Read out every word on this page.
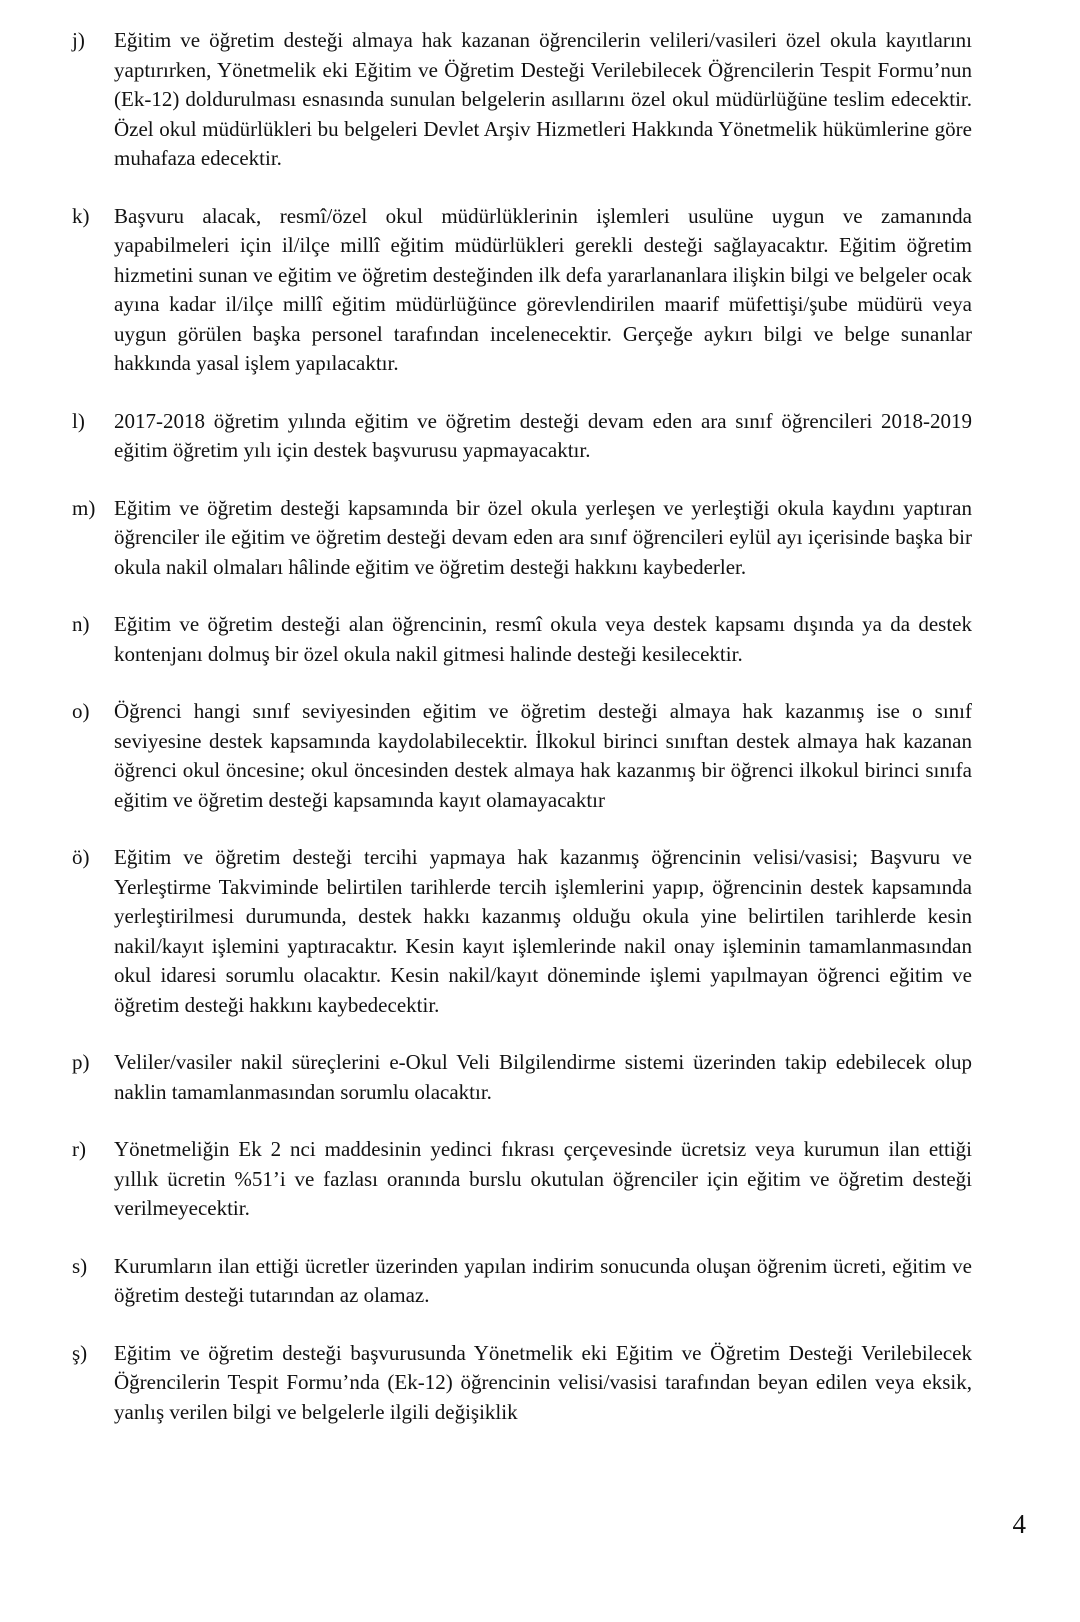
j)	Eğitim ve öğretim desteği almaya hak kazanan öğrencilerin velileri/vasileri özel okula kayıtlarını yaptırırken, Yönetmelik eki Eğitim ve Öğretim Desteği Verilebilecek Öğrencilerin Tespit Formu’nun (Ek-12) doldurulması esnasında sunulan belgelerin asıllarını özel okul müdürlüğüne teslim edecektir. Özel okul müdürlükleri bu belgeleri Devlet Arşiv Hizmetleri Hakkında Yönetmelik hükümlerine göre muhafaza edecektir.
k)	Başvuru alacak, resmî/özel okul müdürlüklerinin işlemleri usulüne uygun ve zamanında yapabilmeleri için il/ilçe millî eğitim müdürlükleri gerekli desteği sağlayacaktır. Eğitim öğretim hizmetini sunan ve eğitim ve öğretim desteğinden ilk defa yararlananlara ilişkin bilgi ve belgeler ocak ayına kadar il/ilçe millî eğitim müdürlüğünce görevlendirilen maarif müfettişi/şube müdürü veya uygun görülen başka personel tarafından incelenecektir. Gerçeğe aykırı bilgi ve belge sunanlar hakkında yasal işlem yapılacaktır.
l)	2017-2018 öğretim yılında eğitim ve öğretim desteği devam eden ara sınıf öğrencileri 2018-2019 eğitim öğretim yılı için destek başvurusu yapmayacaktır.
m) Eğitim ve öğretim desteği kapsamında bir özel okula yerleşen ve yerleştiği okula kaydını yaptıran öğrenciler ile eğitim ve öğretim desteği devam eden ara sınıf öğrencileri eylül ayı içerisinde başka bir okula nakil olmaları hâlinde eğitim ve öğretim desteği hakkını kaybederler.
n)	Eğitim ve öğretim desteği alan öğrencinin, resmî okula veya destek kapsamı dışında ya da destek kontenjanı dolmuş bir özel okula nakil gitmesi halinde desteği kesilecektir.
o)	Öğrenci hangi sınıf seviyesinden eğitim ve öğretim desteği almaya hak kazanmış ise o sınıf seviyesine destek kapsamında kaydolabilecektir. İlkokul birinci sınıftan destek almaya hak kazanan öğrenci okul öncesine; okul öncesinden destek almaya hak kazanmış bir öğrenci ilkokul birinci sınıfa eğitim ve öğretim desteği kapsamında kayıt olamayacaktır
ö)	Eğitim ve öğretim desteği tercihi yapmaya hak kazanmış öğrencinin velisi/vasisi; Başvuru ve Yerleştirme Takviminde belirtilen tarihlerde tercih işlemlerini yapıp, öğrencinin destek kapsamında yerleştirilmesi durumunda, destek hakkı kazanmış olduğu okula yine belirtilen tarihlerde kesin nakil/kayıt işlemini yaptıracaktır. Kesin kayıt işlemlerinde nakil onay işleminin tamamlanmasından okul idaresi sorumlu olacaktır. Kesin nakil/kayıt döneminde işlemi yapılmayan öğrenci eğitim ve öğretim desteği hakkını kaybedecektir.
p)	Veliler/vasiler nakil süreçlerini e-Okul Veli Bilgilendirme sistemi üzerinden takip edebilecek olup naklin tamamlanmasından sorumlu olacaktır.
r)	Yönetmeliğin Ek 2 nci maddesinin yedinci fıkrası çerçevesinde ücretsiz veya kurumun ilan ettiği yıllık ücretin %51’i ve fazlası oranında burslu okutulan öğrenciler için eğitim ve öğretim desteği verilmeyecektir.
s)	Kurumların ilan ettiği ücretler üzerinden yapılan indirim sonucunda oluşan öğrenim ücreti, eğitim ve öğretim desteği tutarından az olamaz.
ş)	Eğitim ve öğretim desteği başvurusunda Yönetmelik eki Eğitim ve Öğretim Desteği Verilebilecek Öğrencilerin Tespit Formu’nda (Ek-12) öğrencinin velisi/vasisi tarafından beyan edilen veya eksik, yanlış verilen bilgi ve belgelerle ilgili değişiklik
4
